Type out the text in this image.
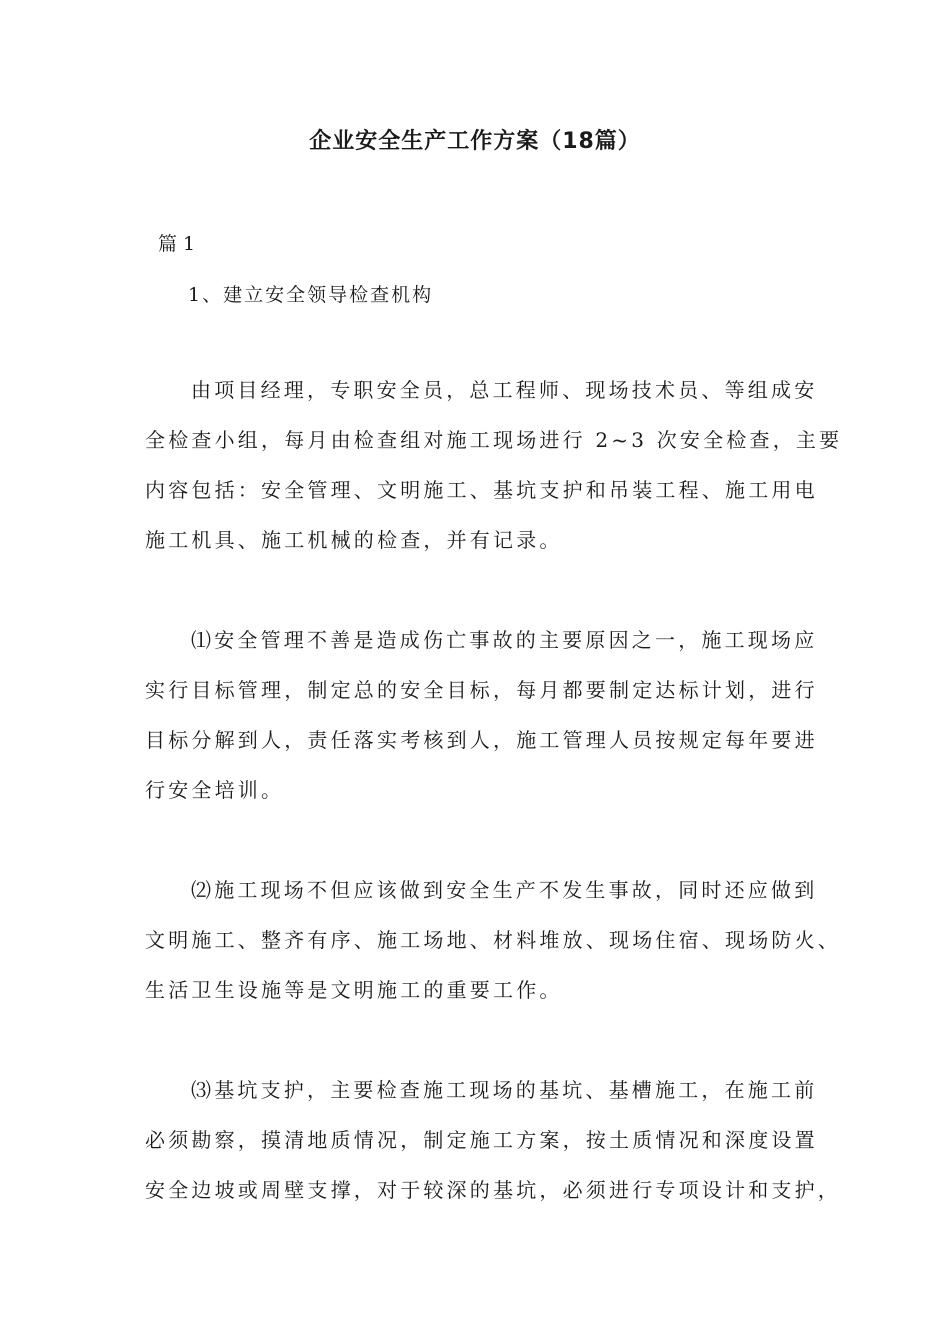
企业安全生产工作方案（18篇）
篇 1
1、建立安全领导检查机构
由项目经理，专职安全员，总工程师、现场技术员、等组成安
全检查小组，每月由检查组对施工现场进行 2~3 次安全检查，主要
内容包括：安全管理、文明施工、基坑支护和吊装工程、施工用电
施工机具、施工机械的检查，并有记录。
⑴安全管理不善是造成伤亡事故的主要原因之一，施工现场应
实行目标管理，制定总的安全目标，每月都要制定达标计划，进行
目标分解到人，责任落实考核到人，施工管理人员按规定每年要进
行安全培训。
⑵施工现场不但应该做到安全生产不发生事故，同时还应做到
文明施工、整齐有序、施工场地、材料堆放、现场住宿、现场防火、
生活卫生设施等是文明施工的重要工作。
⑶基坑支护，主要检查施工现场的基坑、基槽施工，在施工前
必须勘察，摸清地质情况，制定施工方案，按土质情况和深度设置
安全边坡或周壁支撑，对于较深的基坑，必须进行专项设计和支护，
